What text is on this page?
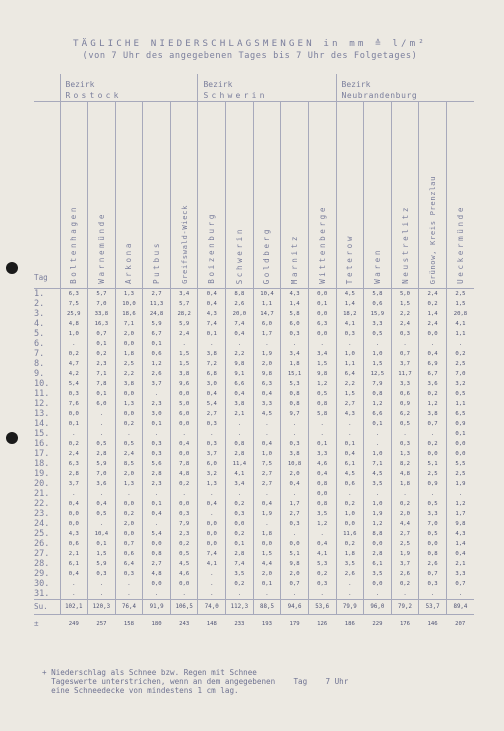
TÄGLICHE NIEDERSCHLAGSMENGEN in mm ≙ l/m²
(von 7 Uhr des angegebenen Tages bis 7 Uhr des Folgetages)
	Bezirk
Rostock					Bezirk
Schwerin					Bezirk
Neubrandenburg				

Tag	Boltenhagen	Warnemünde	Arkona	Putbus	Greifswald-Wieck	Boizenburg	Schwerin	Goldberg	Marnitz	Wittenberge	Teterow	Waren	Neustrelitz	Grünow, Kreis Prenzlau	Ueckermünde

1.	6,3	5,7	1,3	2,7	3,4	0,4	8,8	10,4	4,3	0,0	4,5	5,8	5,0	2,4	2,5
2.	7,5	7,0	10,0	11,3	5,7	0,4	2,6	1,1	1,4	0,1	1,4	0,6	1,5	0,2	1,5
3.	25,9	33,8	18,6	24,8	28,2	4,3	20,0	14,7	5,8	0,0	18,2	15,9	2,2	1,4	20,8
4.	4,8	16,3	7,1	5,9	5,9	7,4	7,4	6,0	6,0	6,3	4,1	3,3	2,4	2,4	4,1
5.	1,0	0,7	2,0	6,7	2,4	0,1	0,4	1,7	0,3	0,0	0,3	0,5	0,3	0,0	1,1
6.	.	0,1	0,0	0,1	.	.	.	.	.	.	.	.	.	.	.
7.	0,2	0,2	1,8	0,6	1,5	3,8	2,2	1,9	3,4	3,4	1,0	1,0	0,7	0,4	0,2
8.	4,7	2,3	2,5	1,2	1,5	7,2	9,8	2,0	1,8	1,5	1,1	1,5	3,7	6,9	2,5
9.	4,2	7,1	2,2	2,6	3,8	6,8	9,1	9,8	15,1	9,8	6,4	12,5	11,7	6,7	7,0
10.	5,4	7,8	3,8	3,7	9,6	3,0	6,6	6,3	5,3	1,2	2,2	7,9	3,3	3,6	3,2
11.	0,3	0,1	0,0	.	0,0	0,4	0,4	0,4	0,8	0,5	1,5	0,8	0,6	0,2	0,5
12.	7,6	6,0	1,3	2,3	5,0	5,4	3,8	3,3	0,8	0,8	2,7	1,2	0,9	1,2	1,1
13.	0,0	.	0,0	3,0	6,0	2,7	2,1	4,5	9,7	5,8	4,3	6,6	6,2	3,8	6,5
14.	0,1	.	0,2	0,1	0,0	0,3	.	.	.	.	.	0,1	0,5	0,7	0,9
15.	.	.	.	.	.	.	.	.	.	.	.	.	.	.	0,1
16.	0,2	0,5	0,5	0,3	0,4	0,3	0,8	0,4	0,3	0,1	0,1	.	0,3	0,2	0,0
17.	2,4	2,8	2,4	0,3	0,0	3,7	2,8	1,0	3,8	3,3	0,4	1,0	1,3	0,0	0,0
18.	6,3	5,9	8,5	5,6	7,8	6,0	11,4	7,5	10,8	4,6	6,1	7,1	8,2	5,1	5,5
19.	2,8	7,0	2,0	2,8	4,8	3,2	4,1	2,7	2,0	0,4	4,5	4,5	4,8	2,5	2,5
20.	3,7	3,6	1,3	2,3	0,2	1,3	3,4	2,7	0,4	0,8	0,6	3,5	1,8	0,9	1,9
21.	.	.	.	.	.	.	.	.	.	0,0	.	.	.	.	.
22.	0,4	0,4	0,0	0,1	0,0	0,4	0,2	0,4	1,7	0,8	0,2	1,0	0,2	0,5	1,2
23.	0,0	0,5	0,2	0,4	0,3	.	0,3	1,9	2,7	3,5	1,0	1,9	2,0	3,3	1,7
24.	0,0	.	2,0	.	7,9	0,0	0,0	.	0,3	1,2	0,0	1,2	4,4	7,0	9,8
25.	4,3	10,4	0,0	5,4	2,3	0,0	0,2	1,8	.	.	11,6	8,8	2,7	0,5	4,3
26.	0,6	0,1	0,7	0,0	0,2	0,0	0,1	0,0	0,0	0,4	0,2	0,0	2,5	0,0	1,4
27.	2,1	1,5	0,6	0,8	0,5	7,4	2,8	1,5	5,1	4,1	1,8	2,8	1,9	0,8	0,4
28.	6,1	5,9	6,4	2,7	4,5	4,1	7,4	4,4	9,8	5,3	3,5	6,1	3,7	2,6	2,1
29.	0,4	0,3	0,3	4,8	4,6	.	3,5	2,0	2,0	0,2	2,6	3,5	2,6	0,7	3,3
30.	.	.	.	0,0	0,0	.	0,2	0,1	0,7	0,3	.	0,0	0,2	0,3	0,7
31.	.	.	.	.	.	.	.	.	.	.	.	.	.	.	.
Su.	102,1	120,3	76,4	91,9	106,5	74,0	112,3	88,5	94,6	53,6	79,9	96,0	79,2	53,7	89,4
±	249	257	158	180	243	148	233	193	179	126	186	229	176	146	207
+ Niederschlag als Schnee bzw. Regen mit Schnee
Tageswerte unterstrichen, wenn an dem angegebenen    Tag    7 Uhr
eine Schneedecke von mindestens 1 cm lag.
